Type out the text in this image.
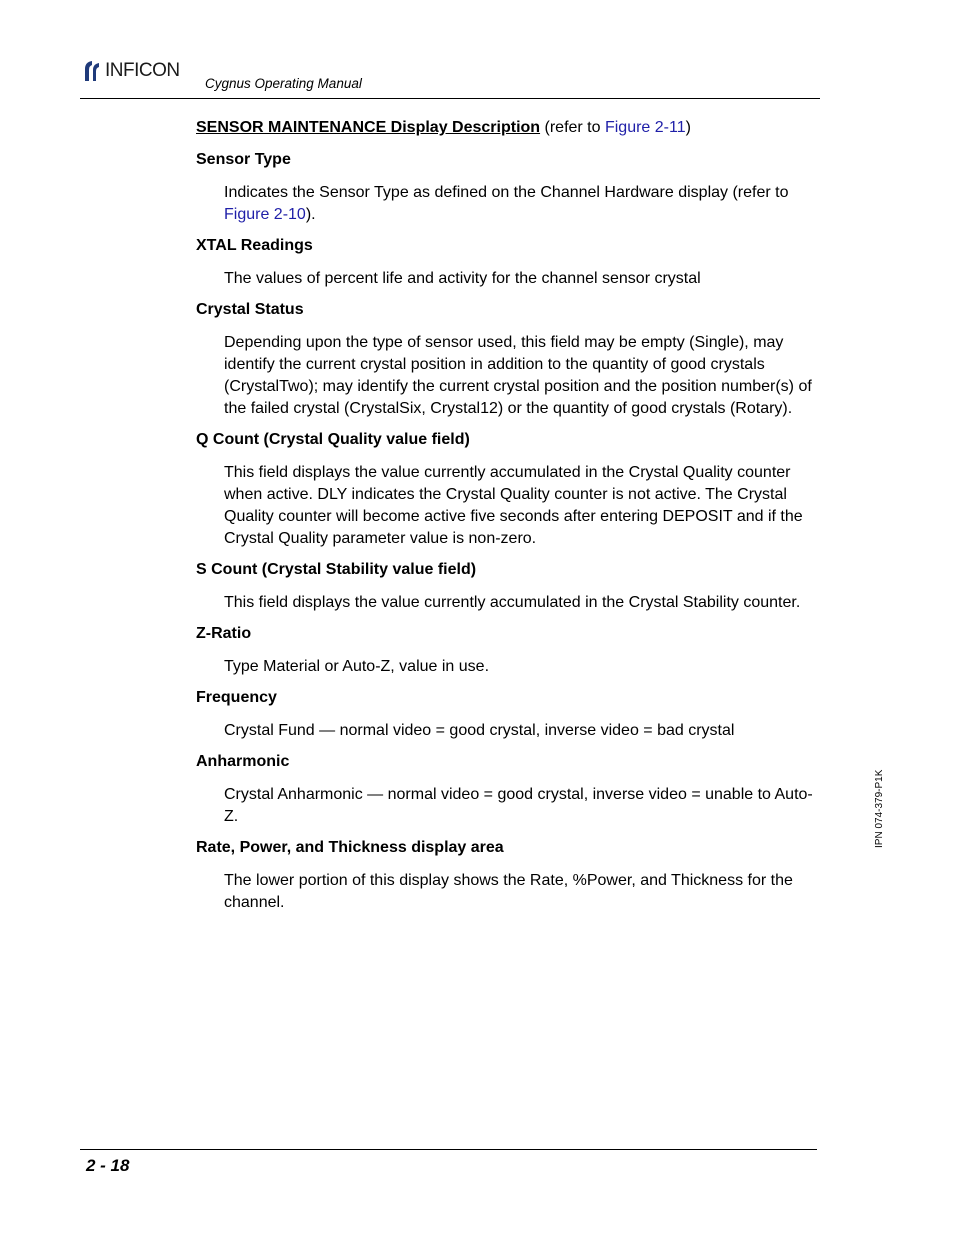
INFICON
Cygnus Operating Manual

SENSOR MAINTENANCE Display Description (refer to Figure 2-11)

Sensor Type

Indicates the Sensor Type as defined on the Channel Hardware display (refer to Figure 2-10).

XTAL Readings

The values of percent life and activity for the channel sensor crystal

Crystal Status

Depending upon the type of sensor used, this field may be empty (Single), may identify the current crystal position in addition to the quantity of good crystals (CrystalTwo); may identify the current crystal position and the position number(s) of the failed crystal (CrystalSix, Crystal12) or the quantity of good crystals (Rotary).

Q Count (Crystal Quality value field)

This field displays the value currently accumulated in the Crystal Quality counter when active. DLY indicates the Crystal Quality counter is not active. The Crystal Quality counter will become active five seconds after entering DEPOSIT and if the Crystal Quality parameter value is non-zero.

S Count (Crystal Stability value field)

This field displays the value currently accumulated in the Crystal Stability counter.

Z-Ratio

Type Material or Auto-Z, value in use.

Frequency

Crystal Fund — normal video = good crystal, inverse video = bad crystal

Anharmonic

Crystal Anharmonic — normal video = good crystal, inverse video = unable to Auto-Z.

Rate, Power, and Thickness display area

The lower portion of this display shows the Rate, %Power, and Thickness for the channel.

IPN 074-379-P1K
2 - 18
